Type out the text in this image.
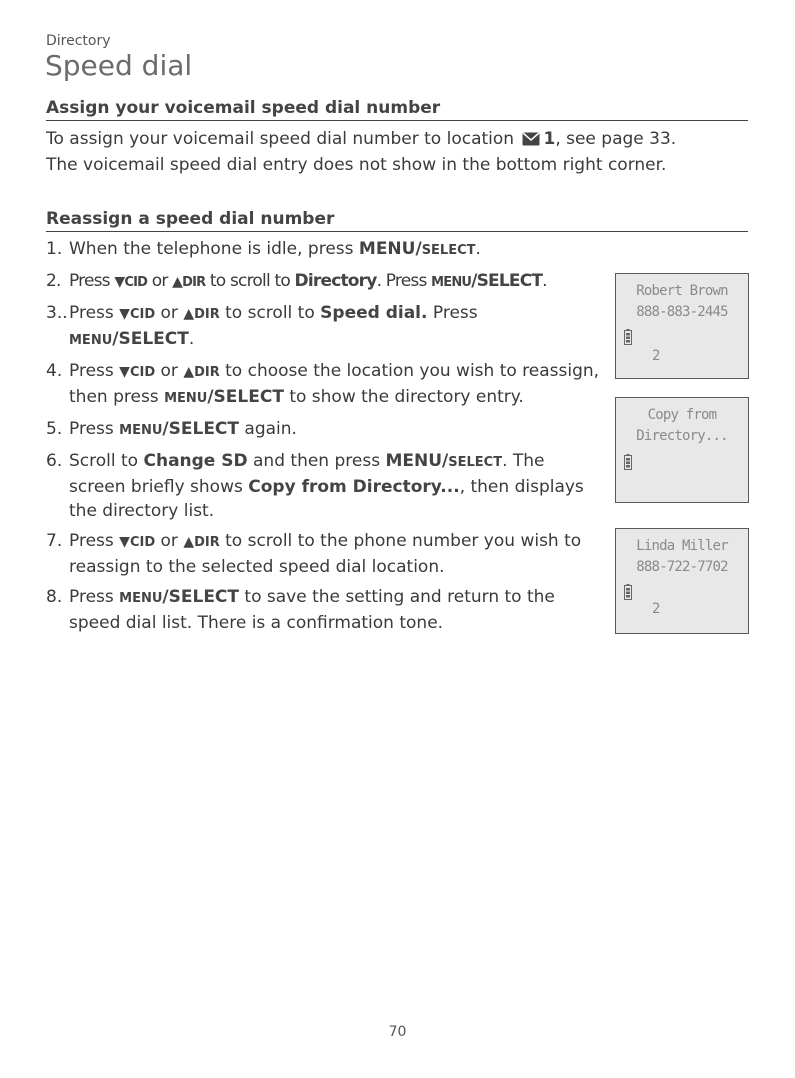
Directory
Speed dial
Assign your voicemail speed dial number
To assign your voicemail speed dial number to location 1, see page 33.
The voicemail speed dial entry does not show in the bottom right corner.
Reassign a speed dial number
1. When the telephone is idle, press MENU/SELECT.
2. Press ▼CID or ▲DIR to scroll to Directory. Press MENU/SELECT.
3.. Press ▼CID or ▲DIR to scroll to Speed dial. Press
MENU/SELECT.
4. Press ▼CID or ▲DIR to choose the location you wish to reassign, then press MENU/SELECT to show the directory entry.
5. Press MENU/SELECT again.
6. Scroll to Change SD and then press MENU/SELECT. The screen briefly shows Copy from Directory..., then displays the directory list.
7. Press ▼CID or ▲DIR to scroll to the phone number you wish to reassign to the selected speed dial location.
8. Press MENU/SELECT to save the setting and return to the speed dial list. There is a confirmation tone.
Robert Brown
888-883-2445
2
Copy from
Directory...
Linda Miller
888-722-7702
2
70
